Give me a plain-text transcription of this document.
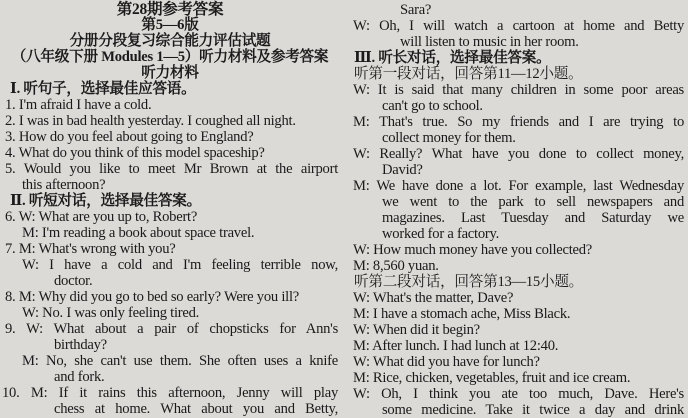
第28期参考答案
第5—6版
分册分段复习综合能力评估试题
（八年级下册 Modules 1—5）听力材料及参考答案
听力材料
Ⅰ. 听句子，选择最佳应答语。
1. I'm afraid I have a cold.
2. I was in bad health yesterday. I coughed all night.
3. How do you feel about going to England?
4. What do you think of this model spaceship?
5. Would you like to meet Mr Brown at the airport
this afternoon?
Ⅱ. 听短对话，选择最佳答案。
6. W: What are you up to, Robert?
M: I'm reading a book about space travel.
7. M: What's wrong with you?
W: I have a cold and I'm feeling terrible now,
doctor.
8. M: Why did you go to bed so early? Were you ill?
W: No. I was only feeling tired.
9. W: What about a pair of chopsticks for Ann's
birthday?
M: No, she can't use them. She often uses a knife
and fork.
10. M: If it rains this afternoon, Jenny will play
chess at home. What about you and Betty,
Sara?
W: Oh, I will watch a cartoon at home and Betty
will listen to music in her room.
Ⅲ. 听长对话，选择最佳答案。
听第一段对话，回答第11—12小题。
W: It is said that many children in some poor areas
can't go to school.
M: That's true. So my friends and I are trying to
collect money for them.
W: Really? What have you done to collect money,
David?
M: We have done a lot. For example, last Wednesday
we went to the park to sell newspapers and
magazines. Last Tuesday and Saturday we
worked for a factory.
W: How much money have you collected?
M: 8,560 yuan.
听第二段对话，回答第13—15小题。
W: What's the matter, Dave?
M: I have a stomach ache, Miss Black.
W: When did it begin?
M: After lunch. I had lunch at 12:40.
W: What did you have for lunch?
M: Rice, chicken, vegetables, fruit and ice cream.
W: Oh, I think you ate too much, Dave. Here's
some medicine. Take it twice a day and drink
